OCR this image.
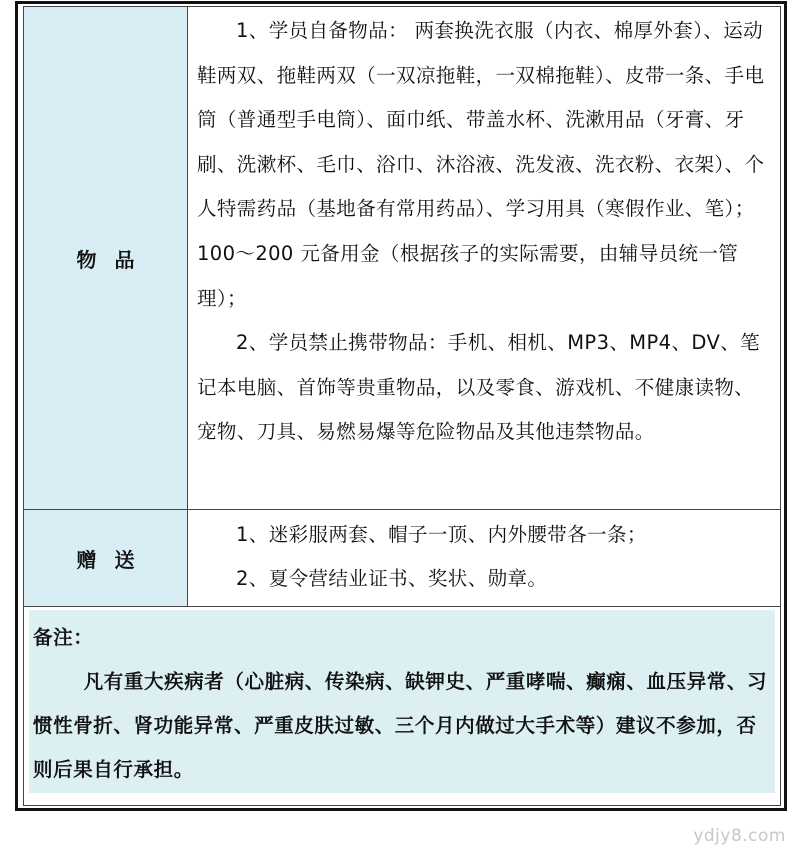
物品

1、学员自备物品： 两套换洗衣服（内衣、棉厚外套）、运动鞋两双、拖鞋两双（一双凉拖鞋，一双棉拖鞋）、皮带一条、手电筒（普通型手电筒）、面巾纸、带盖水杯、洗漱用品（牙膏、牙刷、洗漱杯、毛巾、浴巾、沐浴液、洗发液、洗衣粉、衣架）、个人特需药品（基地备有常用药品）、学习用具（寒假作业、笔）；100～200 元备用金（根据孩子的实际需要，由辅导员统一管理）；

2、学员禁止携带物品：手机、相机、MP3、MP4、DV、笔记本电脑、首饰等贵重物品，以及零食、游戏机、不健康读物、宠物、刀具、易燃易爆等危险物品及其他违禁物品。

赠送

1、迷彩服两套、帽子一顶、内外腰带各一条；

2、夏令营结业证书、奖状、勋章。

备注：

凡有重大疾病者（心脏病、传染病、缺钾史、严重哮喘、癫痫、血压异常、习惯性骨折、肾功能异常、严重皮肤过敏、三个月内做过大手术等）建议不参加，否则后果自行承担。

ydjy8.com
